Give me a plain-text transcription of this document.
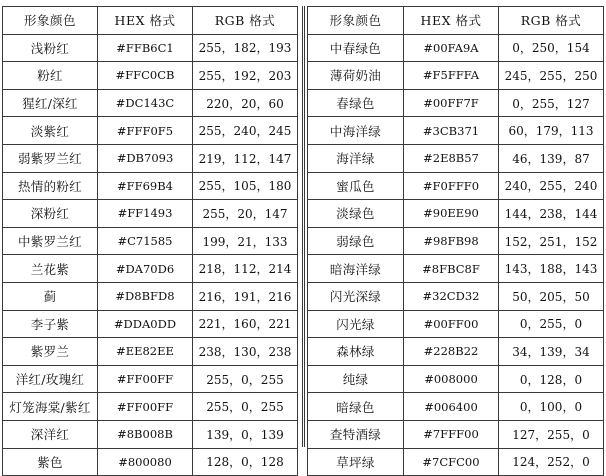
形象颜色	HEX 格式	RGB 格式
浅粉红	#FFB6C1	255，182，193
粉红	#FFC0CB	255，192，203
猩红/深红	#DC143C	220，20，60
淡紫红	#FFF0F5	255，240，245
弱紫罗兰红	#DB7093	219，112，147
热情的粉红	#FF69B4	255，105，180
深粉红	#FF1493	255，20，147
中紫罗兰红	#C71585	199，21，133
兰花紫	#DA70D6	218，112，214
蓟	#D8BFD8	216，191，216
李子紫	#DDA0DD	221，160，221
紫罗兰	#EE82EE	238，130，238
洋红/玫瑰红	#FF00FF	255，0，255
灯笼海棠/紫红	#FF00FF	255，0，255
深洋红	#8B008B	139，0，139
紫色	#800080	128，0，128
形象颜色	HEX 格式	RGB 格式
中春绿色	#00FA9A	0，250，154
薄荷奶油	#F5FFFA	245，255，250
春绿色	#00FF7F	0，255，127
中海洋绿	#3CB371	60，179，113
海洋绿	#2E8B57	46，139，87
蜜瓜色	#F0FFF0	240，255，240
淡绿色	#90EE90	144，238，144
弱绿色	#98FB98	152，251，152
暗海洋绿	#8FBC8F	143，188，143
闪光深绿	#32CD32	50，205，50
闪光绿	#00FF00	0，255，0
森林绿	#228B22	34，139，34
纯绿	#008000	0，128，0
暗绿色	#006400	0，100，0
查特酒绿	#7FFF00	127，255，0
草坪绿	#7CFC00	124，252，0
